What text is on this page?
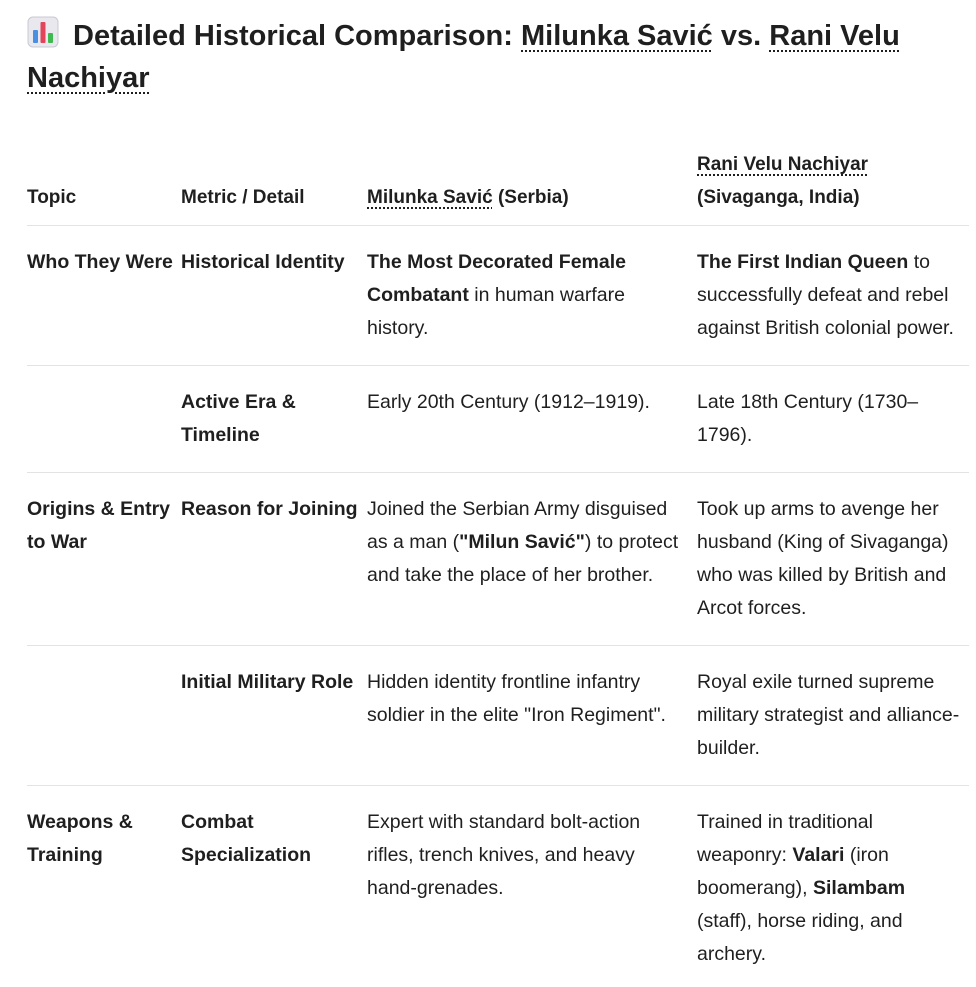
Detailed Historical Comparison: Milunka Savić vs. Rani Velu Nachiyar
Topic	Metric / Detail	Milunka Savić (Serbia)	Rani Velu Nachiyar
(Sivaganga, India)
Who They Were	Historical Identity	The Most Decorated Female Combatant in human warfare history.	The First Indian Queen to successfully defeat and rebel against British colonial power.
	Active Era & Timeline	Early 20th Century (1912–1919).	Late 18th Century (1730–1796).
Origins & Entry to War	Reason for Joining	Joined the Serbian Army disguised as a man ("Milun Savić") to protect and take the place of her brother.	Took up arms to avenge her husband (King of Sivaganga) who was killed by British and Arcot forces.
	Initial Military Role	Hidden identity frontline infantry soldier in the elite "Iron Regiment".	Royal exile turned supreme military strategist and alliance-builder.
Weapons & Training	Combat Specialization	Expert with standard bolt-action rifles, trench knives, and heavy hand-grenades.	Trained in traditional weaponry: Valari (iron boomerang), Silambam (staff), horse riding, and archery.
